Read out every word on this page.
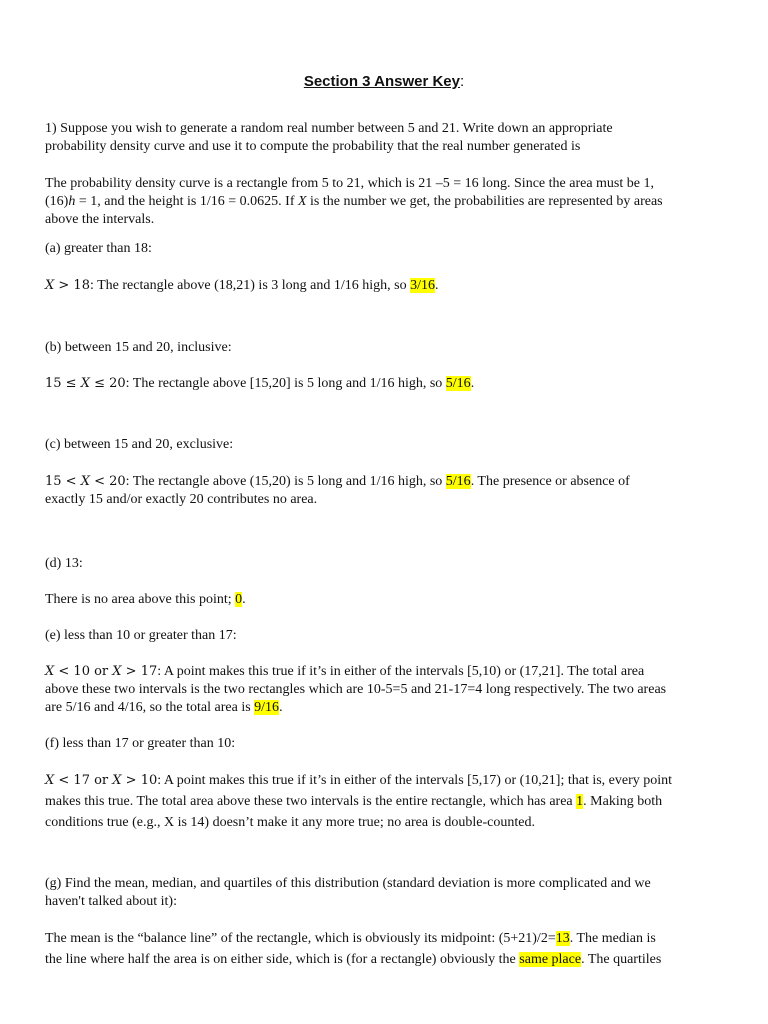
Section 3 Answer Key:

1) Suppose you wish to generate a random real number between 5 and 21. Write down an appropriate
probability density curve and use it to compute the probability that the real number generated is

The probability density curve is a rectangle from 5 to 21, which is 21 –5 = 16 long. Since the area must be 1,
(16)h = 1, and the height is 1/16 = 0.0625. If X is the number we get, the probabilities are represented by areas
above the intervals.

(a) greater than 18:

X > 18: The rectangle above (18,21) is 3 long and 1/16 high, so 3/16.

(b) between 15 and 20, inclusive:

15 ≤ X ≤ 20: The rectangle above [15,20] is 5 long and 1/16 high, so 5/16.

(c) between 15 and 20, exclusive:

15 < X < 20: The rectangle above (15,20) is 5 long and 1/16 high, so 5/16. The presence or absence of
exactly 15 and/or exactly 20 contributes no area.

(d) 13:

There is no area above this point; 0.

(e) less than 10 or greater than 17:

X < 10 or X > 17: A point makes this true if it’s in either of the intervals [5,10) or (17,21]. The total area
above these two intervals is the two rectangles which are 10-5=5 and 21-17=4 long respectively. The two areas
are 5/16 and 4/16, so the total area is 9/16.

(f) less than 17 or greater than 10:

X < 17 or X > 10: A point makes this true if it’s in either of the intervals [5,17) or (10,21]; that is, every point
makes this true. The total area above these two intervals is the entire rectangle, which has area 1. Making both
conditions true (e.g., X is 14) doesn’t make it any more true; no area is double-counted.

(g) Find the mean, median, and quartiles of this distribution (standard deviation is more complicated and we
haven't talked about it):

The mean is the “balance line” of the rectangle, which is obviously its midpoint: (5+21)/2=13. The median is
the line where half the area is on either side, which is (for a rectangle) obviously the same place. The quartiles
